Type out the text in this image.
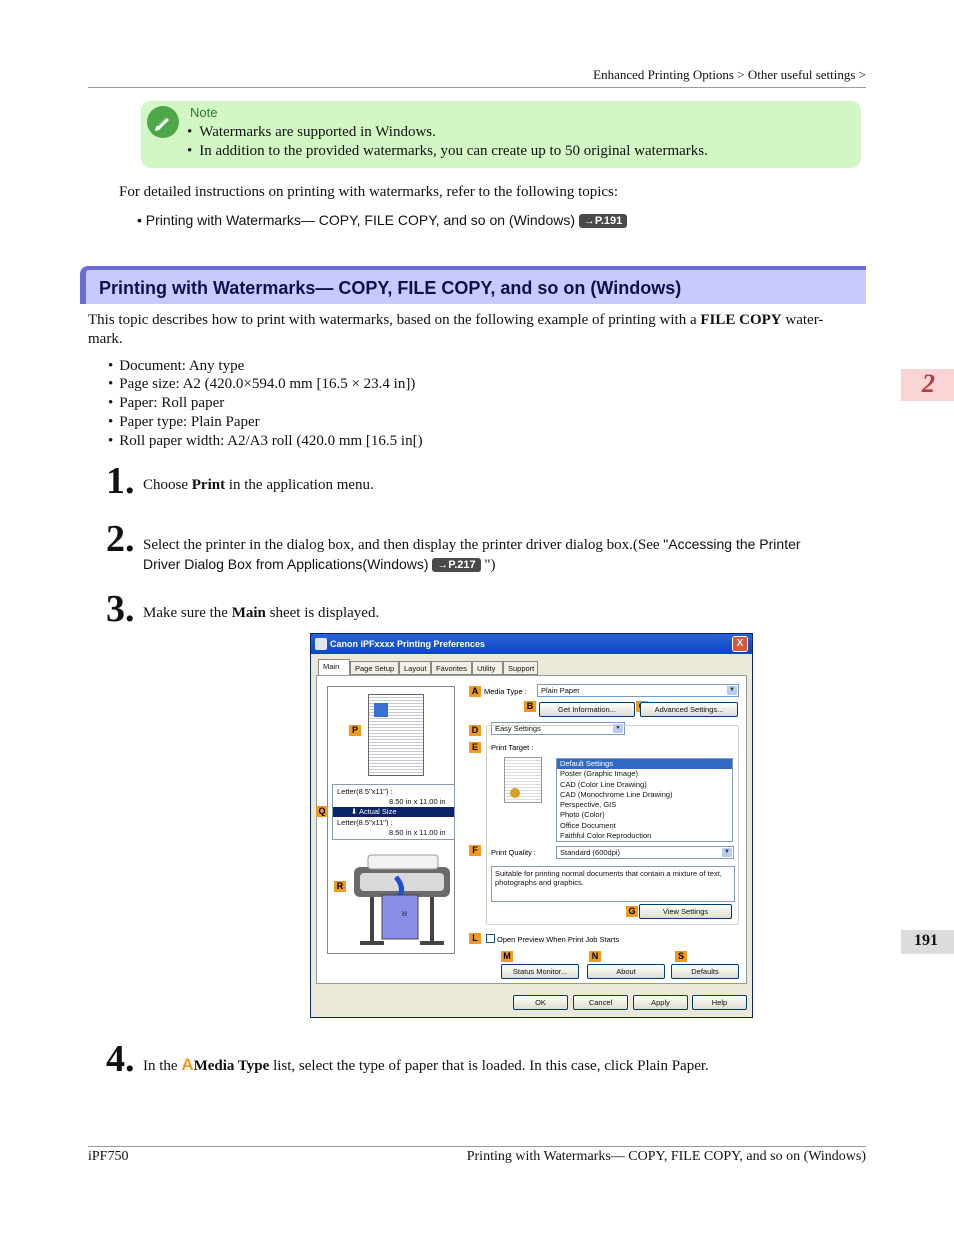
Enhanced Printing Options > Other useful settings >
Note
• Watermarks are supported in Windows.
• In addition to the provided watermarks, you can create up to 50 original watermarks.
For detailed instructions on printing with watermarks, refer to the following topics:
• Printing with Watermarks— COPY, FILE COPY, and so on (Windows) →P.191
Printing with Watermarks— COPY, FILE COPY, and so on (Windows)
This topic describes how to print with watermarks, based on the following example of printing with a FILE COPY water-
mark.
• Document: Any type
• Page size: A2 (420.0×594.0 mm [16.5 × 23.4 in])
• Paper: Roll paper
• Paper type: Plain Paper
• Roll paper width: A2/A3 roll (420.0 mm [16.5 in[)
1. Choose Print in the application menu.
2. Select the printer in the dialog box, and then display the printer driver dialog box.(See "Accessing the Printer
Driver Dialog Box from Applications(Windows) →P.217 ")
3. Make sure the Main sheet is displayed.
Canon iPFxxxx Printing Preferences	X
Main	Page Setup	Layout	Favorites	Utility	Support
Letter(8.5"x11") :
8.50 in x 11.00 in
⬇ Actual Size
Letter(8.5"x11") :
8.50 in x 11.00 in
R
P
Q
R
A Media Type : Plain Paper	▼
B	Get Information...	Advanced Settings...
D	Easy Settings	▼
E	Print Target :
Default Settings
Poster (Graphic Image)
CAD (Color Line Drawing)
CAD (Monochrome Line Drawing)
Perspective, GIS
Photo (Color)
Office Document
Faithful Color Reproduction
F	Print Quality :	Standard (600dpi)	▼
Suitable for printing normal documents that contain a mixture of text, photographs and graphics.
G	View Settings
L	Open Preview When Print Job Starts
M	N	S
Status Monitor...	About	Defaults
OK	Cancel	Apply	Help
4. In the AMedia Type list, select the type of paper that is loaded. In this case, click Plain Paper.
2
191
iPF750	Printing with Watermarks— COPY, FILE COPY, and so on (Windows)
